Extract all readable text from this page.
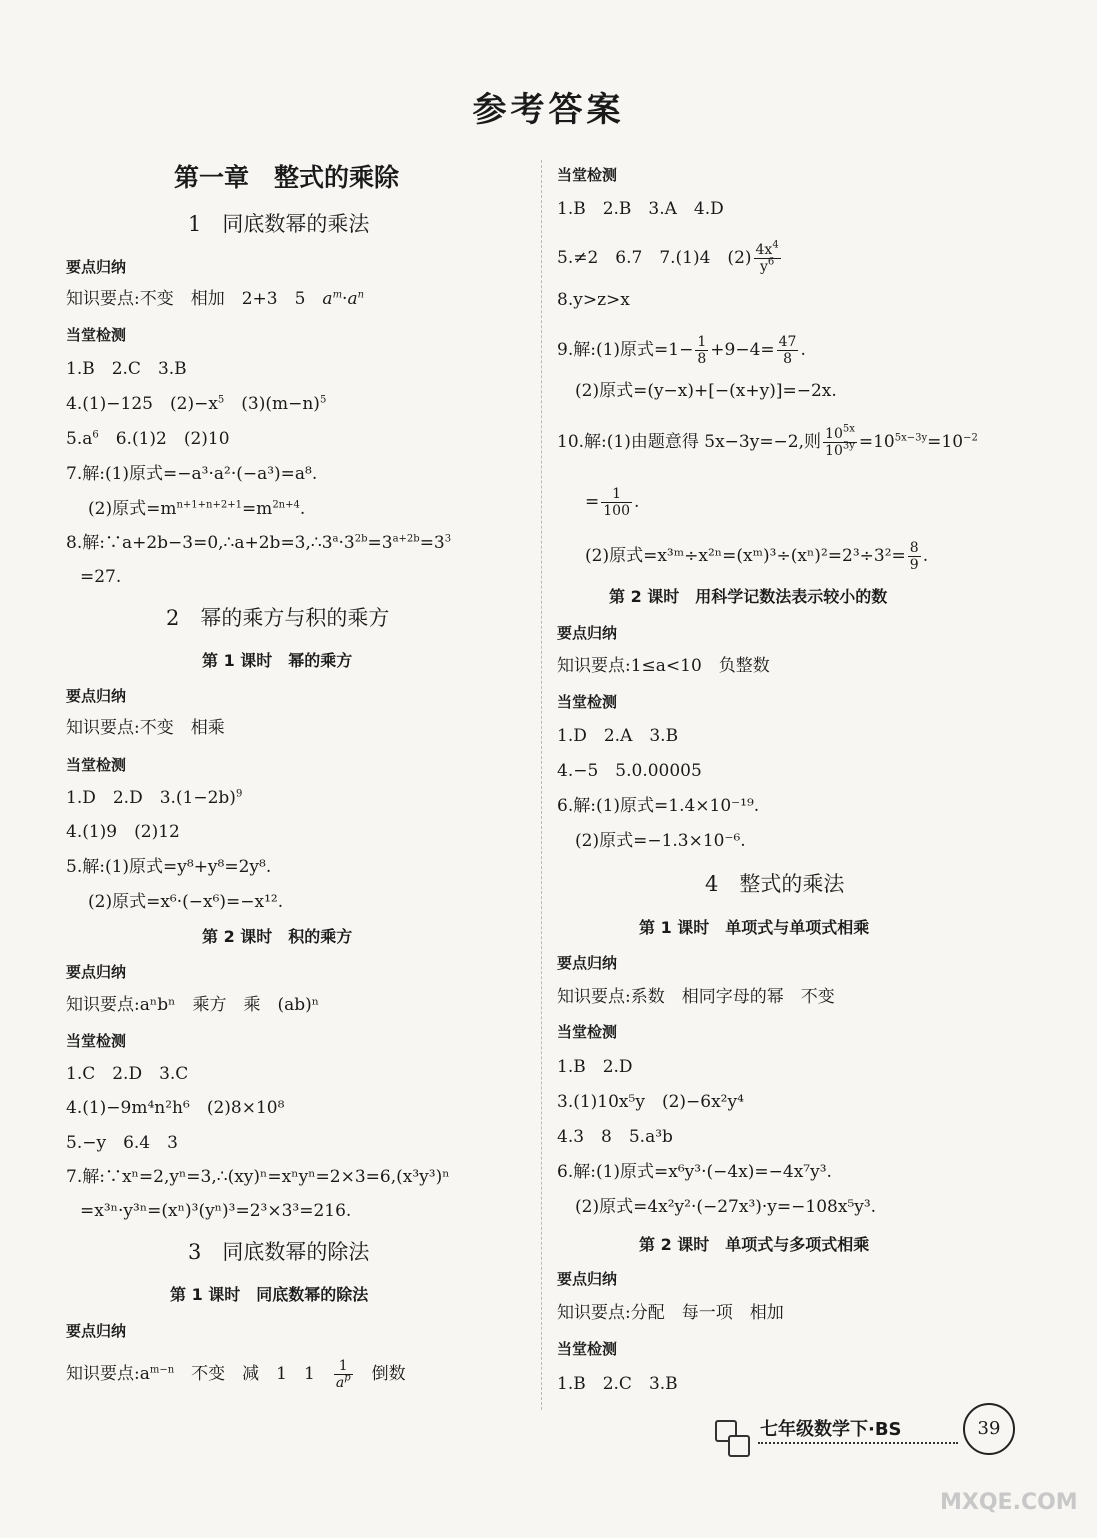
参考答案
第一章　整式的乘除
1　同底数幂的乘法
要点归纳
知识要点:不变　相加　2+3　5　$a^m\cdot a^n$
当堂检测
1.B　2.C　3.B
4.(1)−125　$(2)-x^5$　$(3)(m-n)^5$
$5.a^6$　6.(1)2　(2)10
7.解:(1)原式=−a³·a²·(−a³)=a⁸.
(2)原式$=m^{n+1+n+2+1}=m^{2n+4}$.
8.解$:\because a+2b-3=0,\therefore a+2b=3,\therefore 3^a\cdot 3^{2b}=3^{a+2b}=3^3$
=27.
2　幂的乘方与积的乘方
第 1 课时　幂的乘方
要点归纳
知识要点:不变　相乘
当堂检测
1.D　2.D　$3.(1-2b)^9$
4.(1)9　(2)12
5.解:(1)原式=y⁸+y⁸=2y⁸.
(2)原式=x⁶·(−x⁶)=−x¹².
第 2 课时　积的乘方
要点归纳
知识要点:aⁿbⁿ　乘方　乘　(ab)ⁿ
当堂检测
1.C　2.D　3.C
4.(1)−9m⁴n²h⁶　(2)8×10⁸
5.−y　6.4　3
7.解:∵xⁿ=2,yⁿ=3,∴(xy)ⁿ=xⁿyⁿ=2×3=6,(x³y³)ⁿ
=x³ⁿ·y³ⁿ=(xⁿ)³(yⁿ)³=2³×3³=216.
3　同底数幂的除法
第 1 课时　同底数幂的除法
要点归纳
知识要点$:a^{m-n}$　不变　减　1　1　 $\frac{1}{a^p}$
　 倒数
当堂检测
1.B　2.B　3.A　4.D
5.≠2　6.7　7.(1)4　$(2) \frac{4x^4}{y^6}$
8.y>z>x
9.解:(1)原式$=1- \frac{1}{8} +9-4= \frac{47}{8}$ .
(2)原式=(y−x)+[−(x+y)]=−2x.
10.解:(1)由题意得 5x−3y=−2,则 $\frac{10^{5x}}{10^{3y}} =10^{5x-3y}=10^{-2}$
= $\frac{1}{100}$ .
(2)原式=x³ᵐ÷x²ⁿ=(xᵐ)³÷(xⁿ)²=2³÷3²= $\frac{8}{9}$ .
第 2 课时　用科学记数法表示较小的数
要点归纳
知识要点:1≤a<10　负整数
当堂检测
1.D　2.A　3.B
4.−5　5.0.00005
6.解:(1)原式=1.4×10⁻¹⁹.
(2)原式=−1.3×10⁻⁶.
4　整式的乘法
第 1 课时　单项式与单项式相乘
要点归纳
知识要点:系数　相同字母的幂　不变
当堂检测
1.B　2.D
3.(1)10x⁵y　(2)−6x²y⁴
4.3　8　5.a³b
6.解:(1)原式=x⁶y³·(−4x)=−4x⁷y³.
(2)原式=4x²y²·(−27x³)·y=−108x⁵y³.
第 2 课时　单项式与多项式相乘
要点归纳
知识要点:分配　每一项　相加
当堂检测
1.B　2.C　3.B
七年级数学下·BS	39
MXQE.COM
